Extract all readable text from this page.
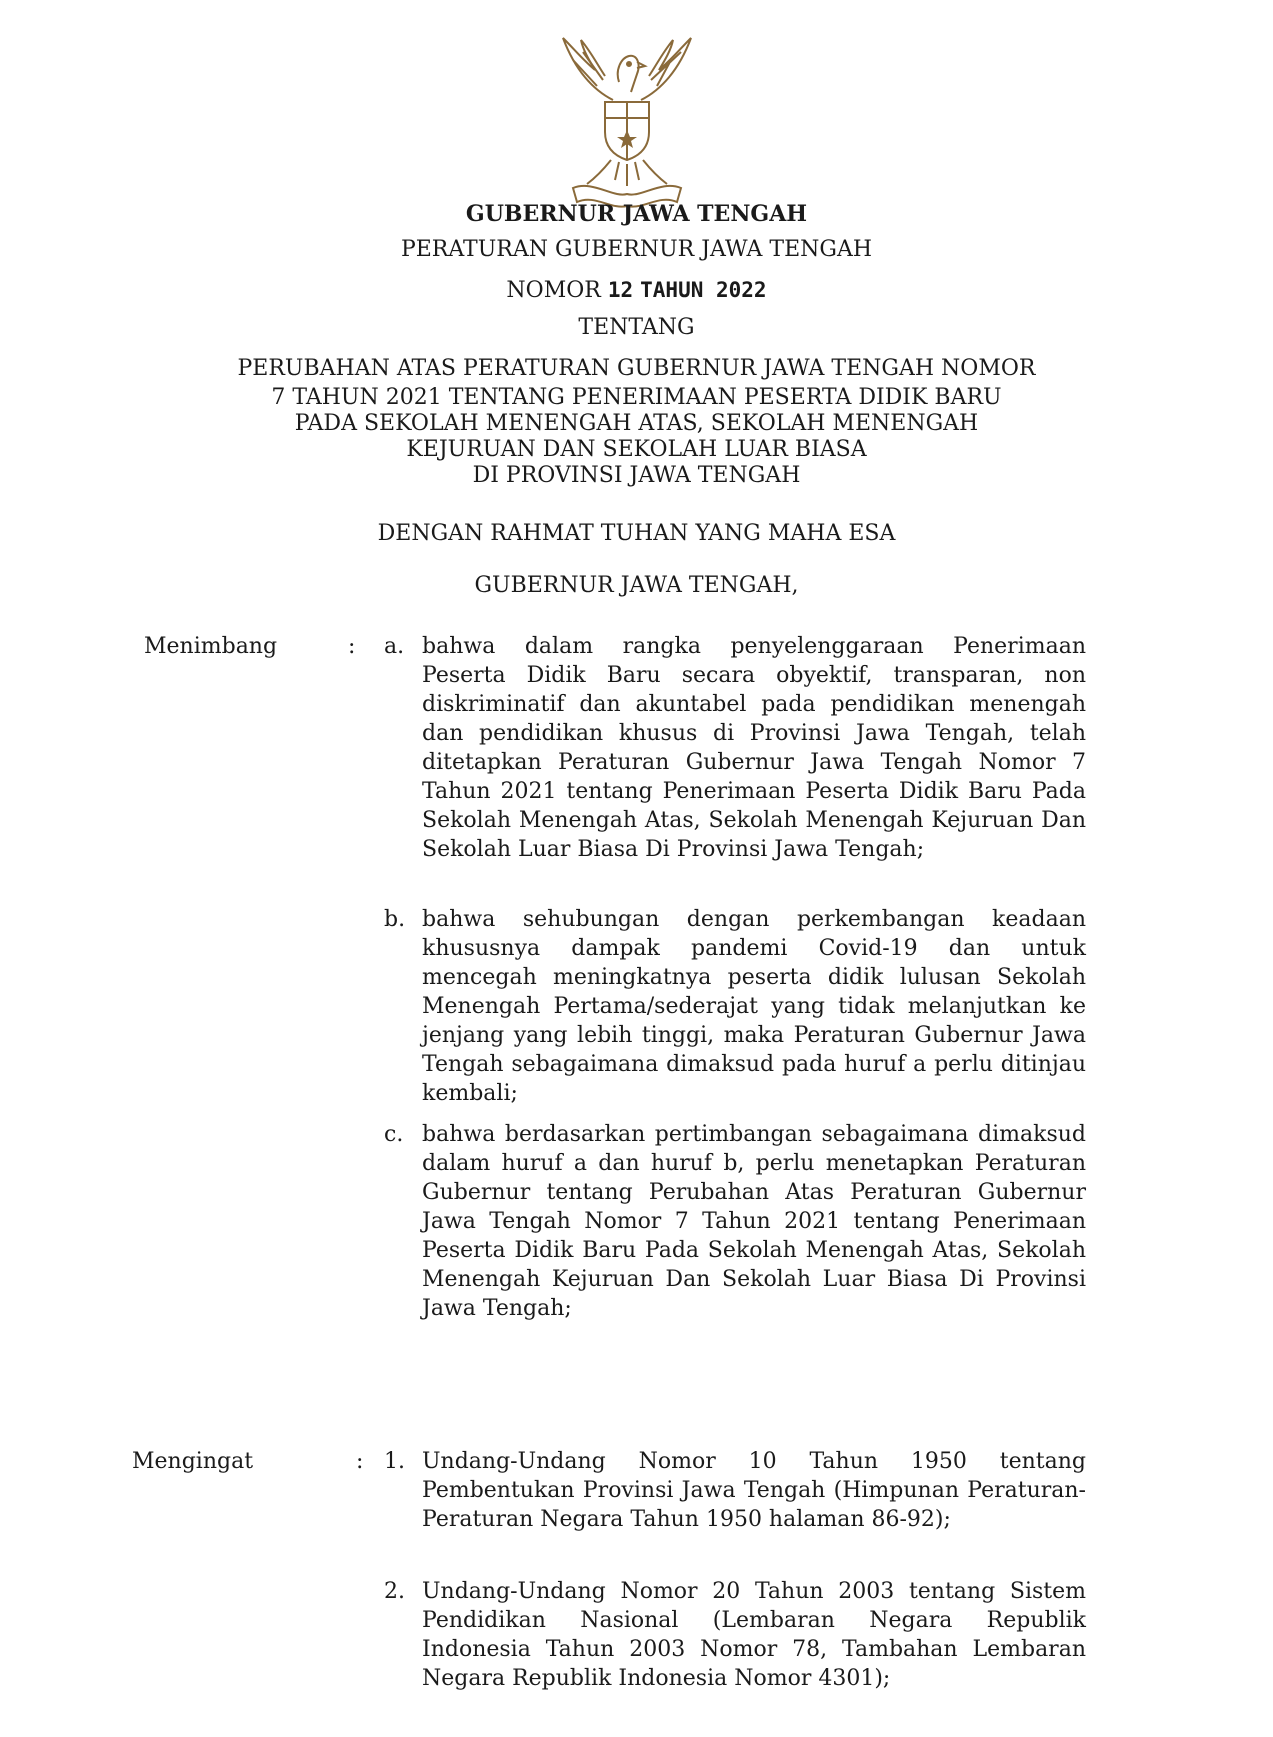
GUBERNUR JAWA TENGAH
PERATURAN GUBERNUR JAWA TENGAH
NOMOR 12 TAHUN 2022
TENTANG
PERUBAHAN ATAS PERATURAN GUBERNUR JAWA TENGAH NOMOR
7 TAHUN 2021 TENTANG PENERIMAAN PESERTA DIDIK BARU
PADA SEKOLAH MENENGAH ATAS, SEKOLAH MENENGAH
KEJURUAN DAN SEKOLAH LUAR BIASA
DI PROVINSI JAWA TENGAH
DENGAN RAHMAT TUHAN YANG MAHA ESA
GUBERNUR JAWA TENGAH,
Menimbang	: a. bahwa dalam rangka penyelenggaraan Penerimaan Peserta Didik Baru secara obyektif, transparan, non diskriminatif dan akuntabel pada pendidikan menengah dan pendidikan khusus di Provinsi Jawa Tengah, telah ditetapkan Peraturan Gubernur Jawa Tengah Nomor 7 Tahun 2021 tentang Penerimaan Peserta Didik Baru Pada Sekolah Menengah Atas, Sekolah Menengah Kejuruan Dan Sekolah Luar Biasa Di Provinsi Jawa Tengah;
b. bahwa sehubungan dengan perkembangan keadaan khususnya dampak pandemi Covid-19 dan untuk mencegah meningkatnya peserta didik lulusan Sekolah Menengah Pertama/sederajat yang tidak melanjutkan ke jenjang yang lebih tinggi, maka Peraturan Gubernur Jawa Tengah sebagaimana dimaksud pada huruf a perlu ditinjau kembali;
c. bahwa berdasarkan pertimbangan sebagaimana dimaksud dalam huruf a dan huruf b, perlu menetapkan Peraturan Gubernur tentang Perubahan Atas Peraturan Gubernur Jawa Tengah Nomor 7 Tahun 2021 tentang Penerimaan Peserta Didik Baru Pada Sekolah Menengah Atas, Sekolah Menengah Kejuruan Dan Sekolah Luar Biasa Di Provinsi Jawa Tengah;
Mengingat	: 1. Undang-Undang Nomor 10 Tahun 1950 tentang Pembentukan Provinsi Jawa Tengah (Himpunan Peraturan-Peraturan Negara Tahun 1950 halaman 86-92);
2. Undang-Undang Nomor 20 Tahun 2003 tentang Sistem Pendidikan Nasional (Lembaran Negara Republik Indonesia Tahun 2003 Nomor 78, Tambahan Lembaran Negara Republik Indonesia Nomor 4301);
